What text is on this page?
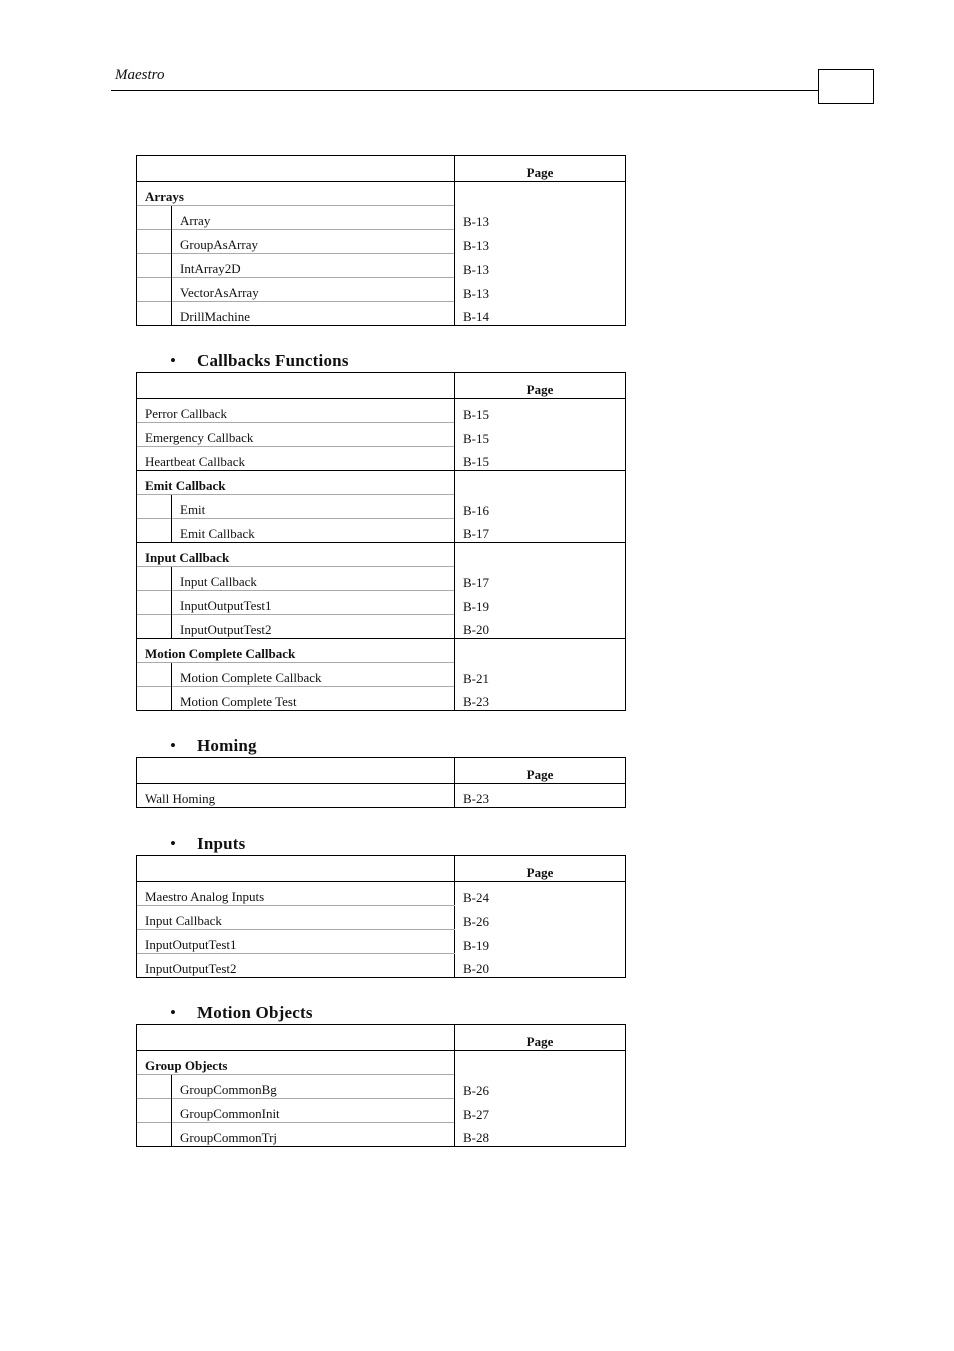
Maestro
		Page
Arrays		
	Array	B-13
	GroupAsArray	B-13
	IntArray2D	B-13
	VectorAsArray	B-13
	DrillMachine	B-14
• Callbacks Functions
		Page
Perror Callback		B-15
Emergency Callback		B-15
Heartbeat Callback		B-15
Emit Callback		
	Emit	B-16
	Emit Callback	B-17
Input Callback		
	Input Callback	B-17
	InputOutputTest1	B-19
	InputOutputTest2	B-20
Motion Complete Callback		
	Motion Complete Callback	B-21
	Motion Complete Test	B-23
• Homing
	Page
Wall Homing	B-23
• Inputs
	Page
Maestro Analog Inputs	B-24
Input Callback	B-26
InputOutputTest1	B-19
InputOutputTest2	B-20
• Motion Objects
		Page
Group Objects		
	GroupCommonBg	B-26
	GroupCommonInit	B-27
	GroupCommonTrj	B-28
